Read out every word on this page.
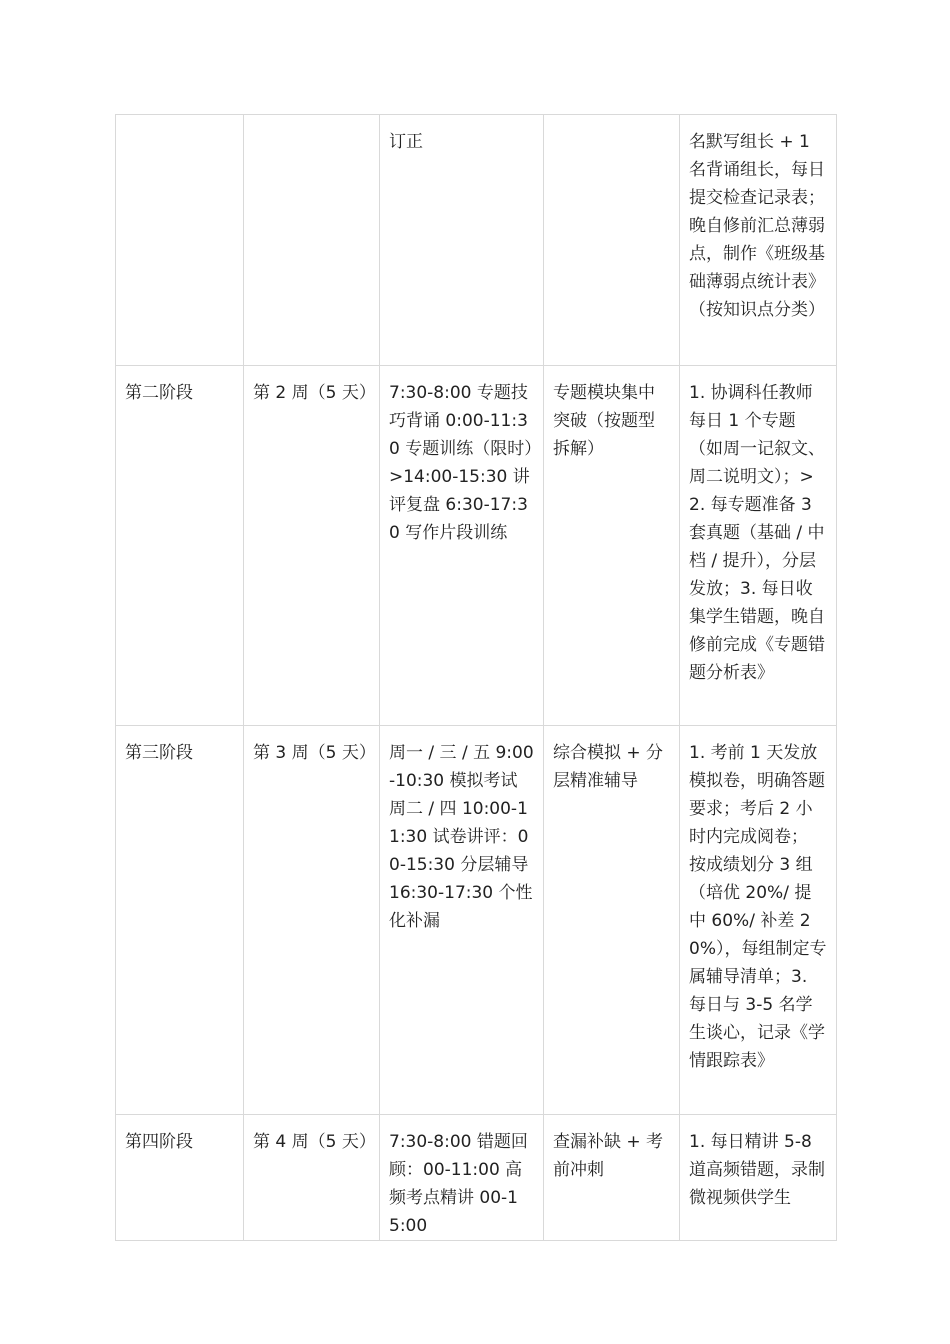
		订正		名默写组长 + 1 名背诵组长，每日提交检查记录表； 晚自修前汇总薄弱点，制作《班级基础薄弱点统计表》（按知识点分类）
第二阶段	第 2 周（5 天）	7:30-8:00 专题技巧背诵 0:00-11:30 专题训练（限时）>14:00-15:30 讲评复盘 6:30-17:30 写作片段训练	专题模块集中突破（按题型拆解）	1. 协调科任教师每日 1 个专题（如周一记叙文、周二说明文）；>2. 每专题准备 3 套真题（基础 / 中档 / 提升），分层发放；3. 每日收集学生错题，晚自修前完成《专题错题分析表》
第三阶段	第 3 周（5 天）	周一 / 三 / 五 9:00-10:30 模拟考试周二 / 四 10:00-11:30 试卷讲评：00-15:30 分层辅导 16:30-17:30 个性化补漏	综合模拟 + 分层精准辅导	1. 考前 1 天发放模拟卷，明确答题要求；考后 2 小时内完成阅卷； 按成绩划分 3 组（培优 20%/ 提中 60%/ 补差 20%），每组制定专属辅导清单；3. 每日与 3-5 名学生谈心，记录《学情跟踪表》
第四阶段	第 4 周（5 天）	7:30-8:00 错题回顾：00-11:00 高频考点精讲 00-15:00	查漏补缺 + 考前冲刺	1. 每日精讲 5-8 道高频错题，录制微视频供学生
